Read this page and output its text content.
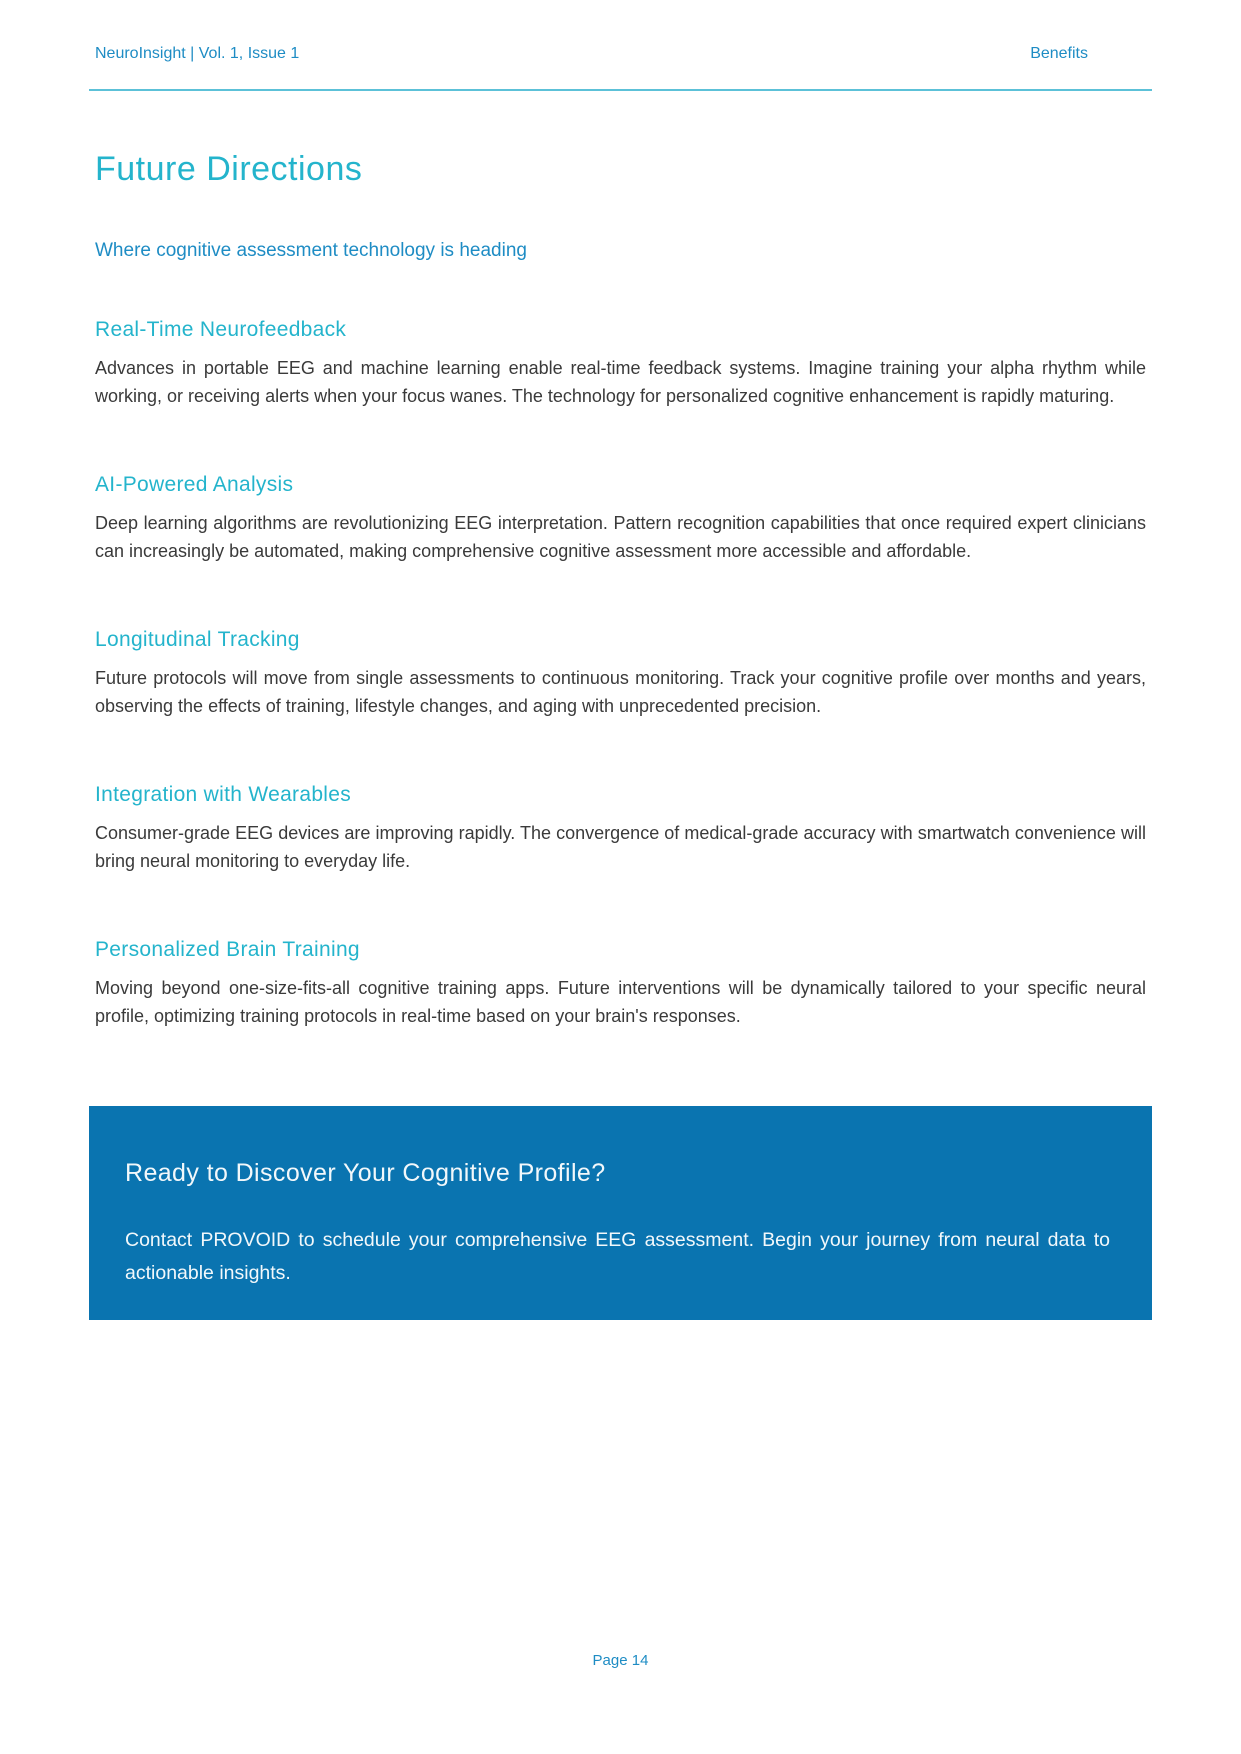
NeuroInsight | Vol. 1, Issue 1	Benefits
Future Directions
Where cognitive assessment technology is heading
Real-Time Neurofeedback

Advances in portable EEG and machine learning enable real-time feedback systems. Imagine training your alpha rhythm while working, or receiving alerts when your focus wanes. The technology for personalized cognitive enhancement is rapidly maturing.

AI-Powered Analysis

Deep learning algorithms are revolutionizing EEG interpretation. Pattern recognition capabilities that once required expert clinicians can increasingly be automated, making comprehensive cognitive assessment more accessible and affordable.

Longitudinal Tracking

Future protocols will move from single assessments to continuous monitoring. Track your cognitive profile over months and years, observing the effects of training, lifestyle changes, and aging with unprecedented precision.

Integration with Wearables

Consumer-grade EEG devices are improving rapidly. The convergence of medical-grade accuracy with smartwatch convenience will bring neural monitoring to everyday life.

Personalized Brain Training

Moving beyond one-size-fits-all cognitive training apps. Future interventions will be dynamically tailored to your specific neural profile, optimizing training protocols in real-time based on your brain's responses.

Ready to Discover Your Cognitive Profile?
Contact PROVOID to schedule your comprehensive EEG assessment. Begin your journey from neural data to actionable insights.
Page 14
